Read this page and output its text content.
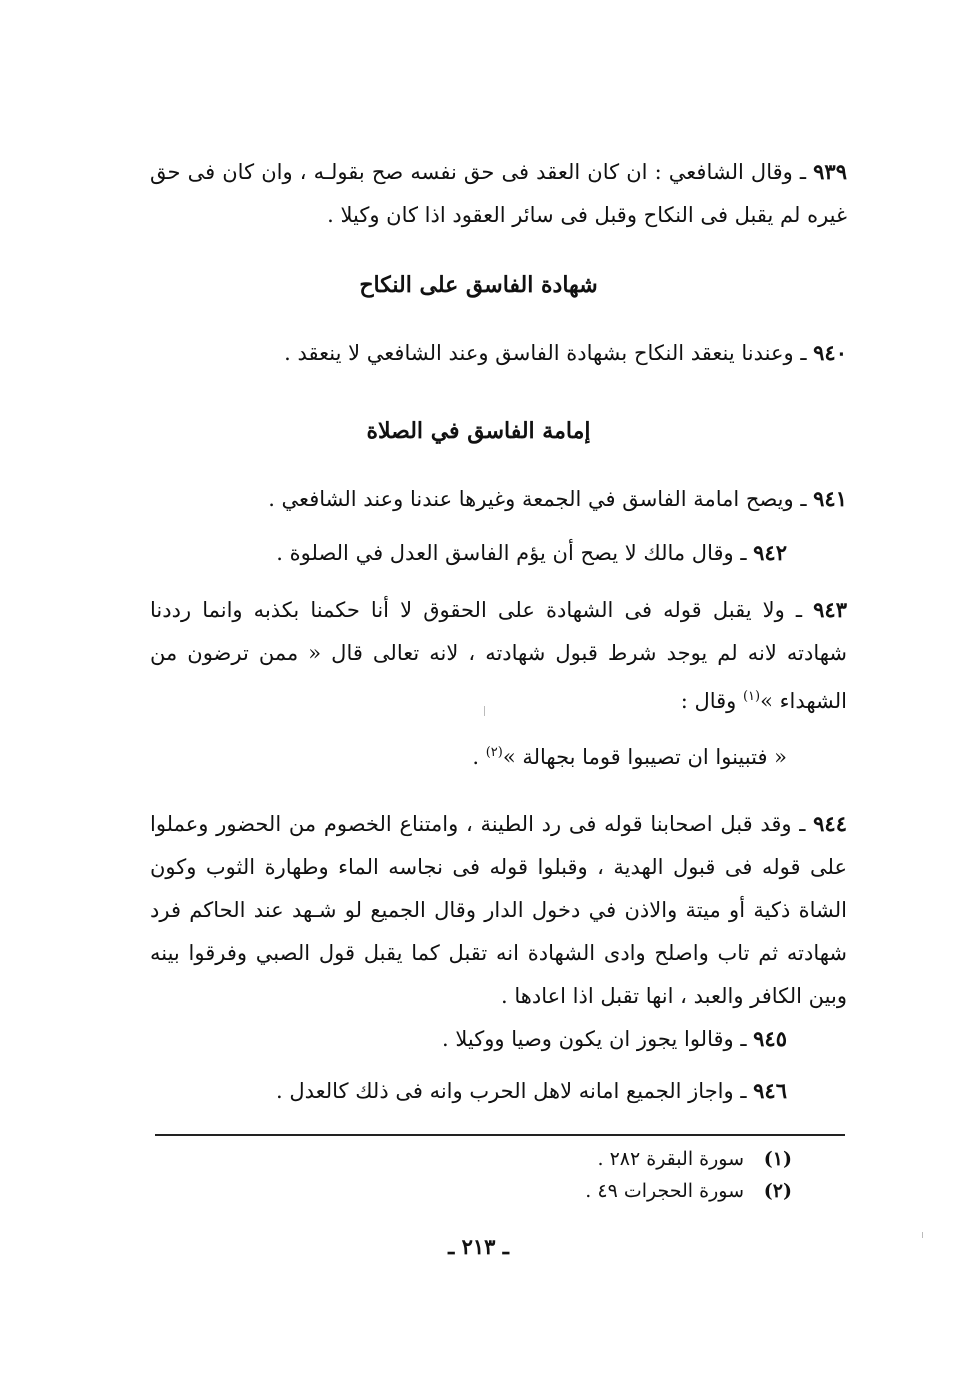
٩٣٩ ـ وقال الشافعي : ان كان العقد فى حق نفسه صح بقولـه ، وان كان فى حق غيره لم يقبل فى النكاح وقبل فى سائر العقود اذا كان وكيلا .
شهادة الفاسق على النكاح
٩٤٠ ـ وعندنا ينعقد النكاح بشهادة الفاسق وعند الشافعي لا ينعقد .
إمامة الفاسق في الصلاة
٩٤١ ـ ويصح امامة الفاسق في الجمعة وغيرها عندنا وعند الشافعي .
٩٤٢ ـ وقال مالك لا يصح أن يؤم الفاسق العدل في الصلوة .
٩٤٣ ـ ولا يقبل قوله فى الشهادة على الحقوق لا أنا حكمنا بكذبه وانما رددنا شهادته لانه لم يوجد شرط قبول شهادته ، لانه تعالى قال « ممن ترضون من الشهداء »$^{(١)}$ وقال :
« فتبينوا ان تصيبوا قوما بجهالة »$^{(٢)}$ .
٩٤٤ ـ وقد قبل اصحابنا قوله فى رد الطينة ، وامتناع الخصوم من الحضور وعملوا على قوله فى قبول الهدية ، وقبلوا قوله فى نجاسه الماء وطهارة الثوب وكون الشاة ذكية أو ميتة والاذن في دخول الدار وقال الجميع لو شـهد عند الحاكم فرد شهادته ثم تاب واصلح وادى الشهادة انه تقبل كما يقبل قول الصبي وفرقوا بينه وبين الكافر والعبد ، انها تقبل اذا اعادها .
٩٤٥ ـ وقالوا يجوز ان يكون وصيا ووكيلا .
٩٤٦ ـ واجاز الجميع امانه لاهل الحرب وانه فى ذلك كالعدل .
(١)سورة البقرة ٢٨٢ .
(٢)سورة الحجرات ٤٩ .
ـ ٢١٣ ـ
